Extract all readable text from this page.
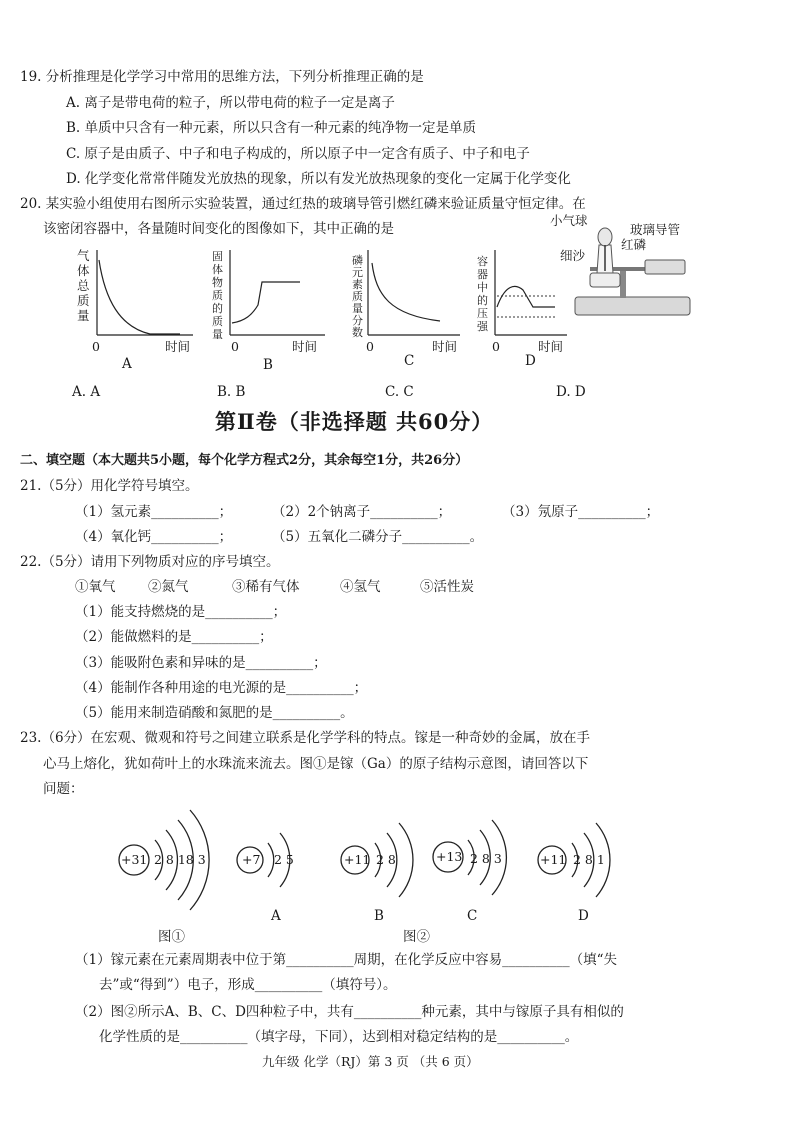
19. 分析推理是化学学习中常用的思维方法，下列分析推理正确的是
A. 离子是带电荷的粒子，所以带电荷的粒子一定是离子
B. 单质中只含有一种元素，所以只含有一种元素的纯净物一定是单质
C. 原子是由质子、中子和电子构成的，所以原子中一定含有质子、中子和电子
D. 化学变化常常伴随发光放热的现象，所以有发光放热现象的变化一定属于化学变化
20. 某实验小组使用右图所示实验装置，通过红热的玻璃导管引燃红磷来验证质量守恒定律。在
该密闭容器中，各量随时间变化的图像如下，其中正确的是
小气球
玻璃导管
红磷
细沙
气体总质量
0	时间
A
固体物质的质量
0	时间
B
磷元素质量分数
0	时间
C
容器中的压强
0	时间
D
A. A	B. B	C. C	D. D
第Ⅱ卷（非选择题 共60分）
二、填空题（本大题共5小题，每个化学方程式2分，其余每空1分，共26分）
21.（5分）用化学符号填空。
（1）氢元素__________；	（2）2个钠离子__________；	（3）氖原子__________；
（4）氧化钙__________；	（5）五氧化二磷分子__________。
22.（5分）请用下列物质对应的序号填空。
①氧气 ②氮气	③稀有气体	④氢气	⑤活性炭
（1）能支持燃烧的是__________；
（2）能做燃料的是__________；
（3）能吸附色素和异味的是__________；
（4）能制作各种用途的电光源的是__________；
（5）能用来制造硝酸和氮肥的是__________。
23.（6分）在宏观、微观和符号之间建立联系是化学学科的特点。镓是一种奇妙的金属，放在手
心马上熔化，犹如荷叶上的水珠流来流去。图①是镓（Ga）的原子结构示意图，请回答以下
问题：
+31 2 8 18 3	+7 2 5	+11 2 8	+13 2 8 3	+11 2 8 1
A	B	C	D
图①	图②
（1）镓元素在元素周期表中位于第__________周期，在化学反应中容易__________（填“失
去”或“得到”）电子，形成__________（填符号）。
（2）图②所示A、B、C、D四种粒子中，共有__________种元素，其中与镓原子具有相似的
化学性质的是__________（填字母，下同），达到相对稳定结构的是__________。
九年级 化学（RJ）第 3 页 （共 6 页）
